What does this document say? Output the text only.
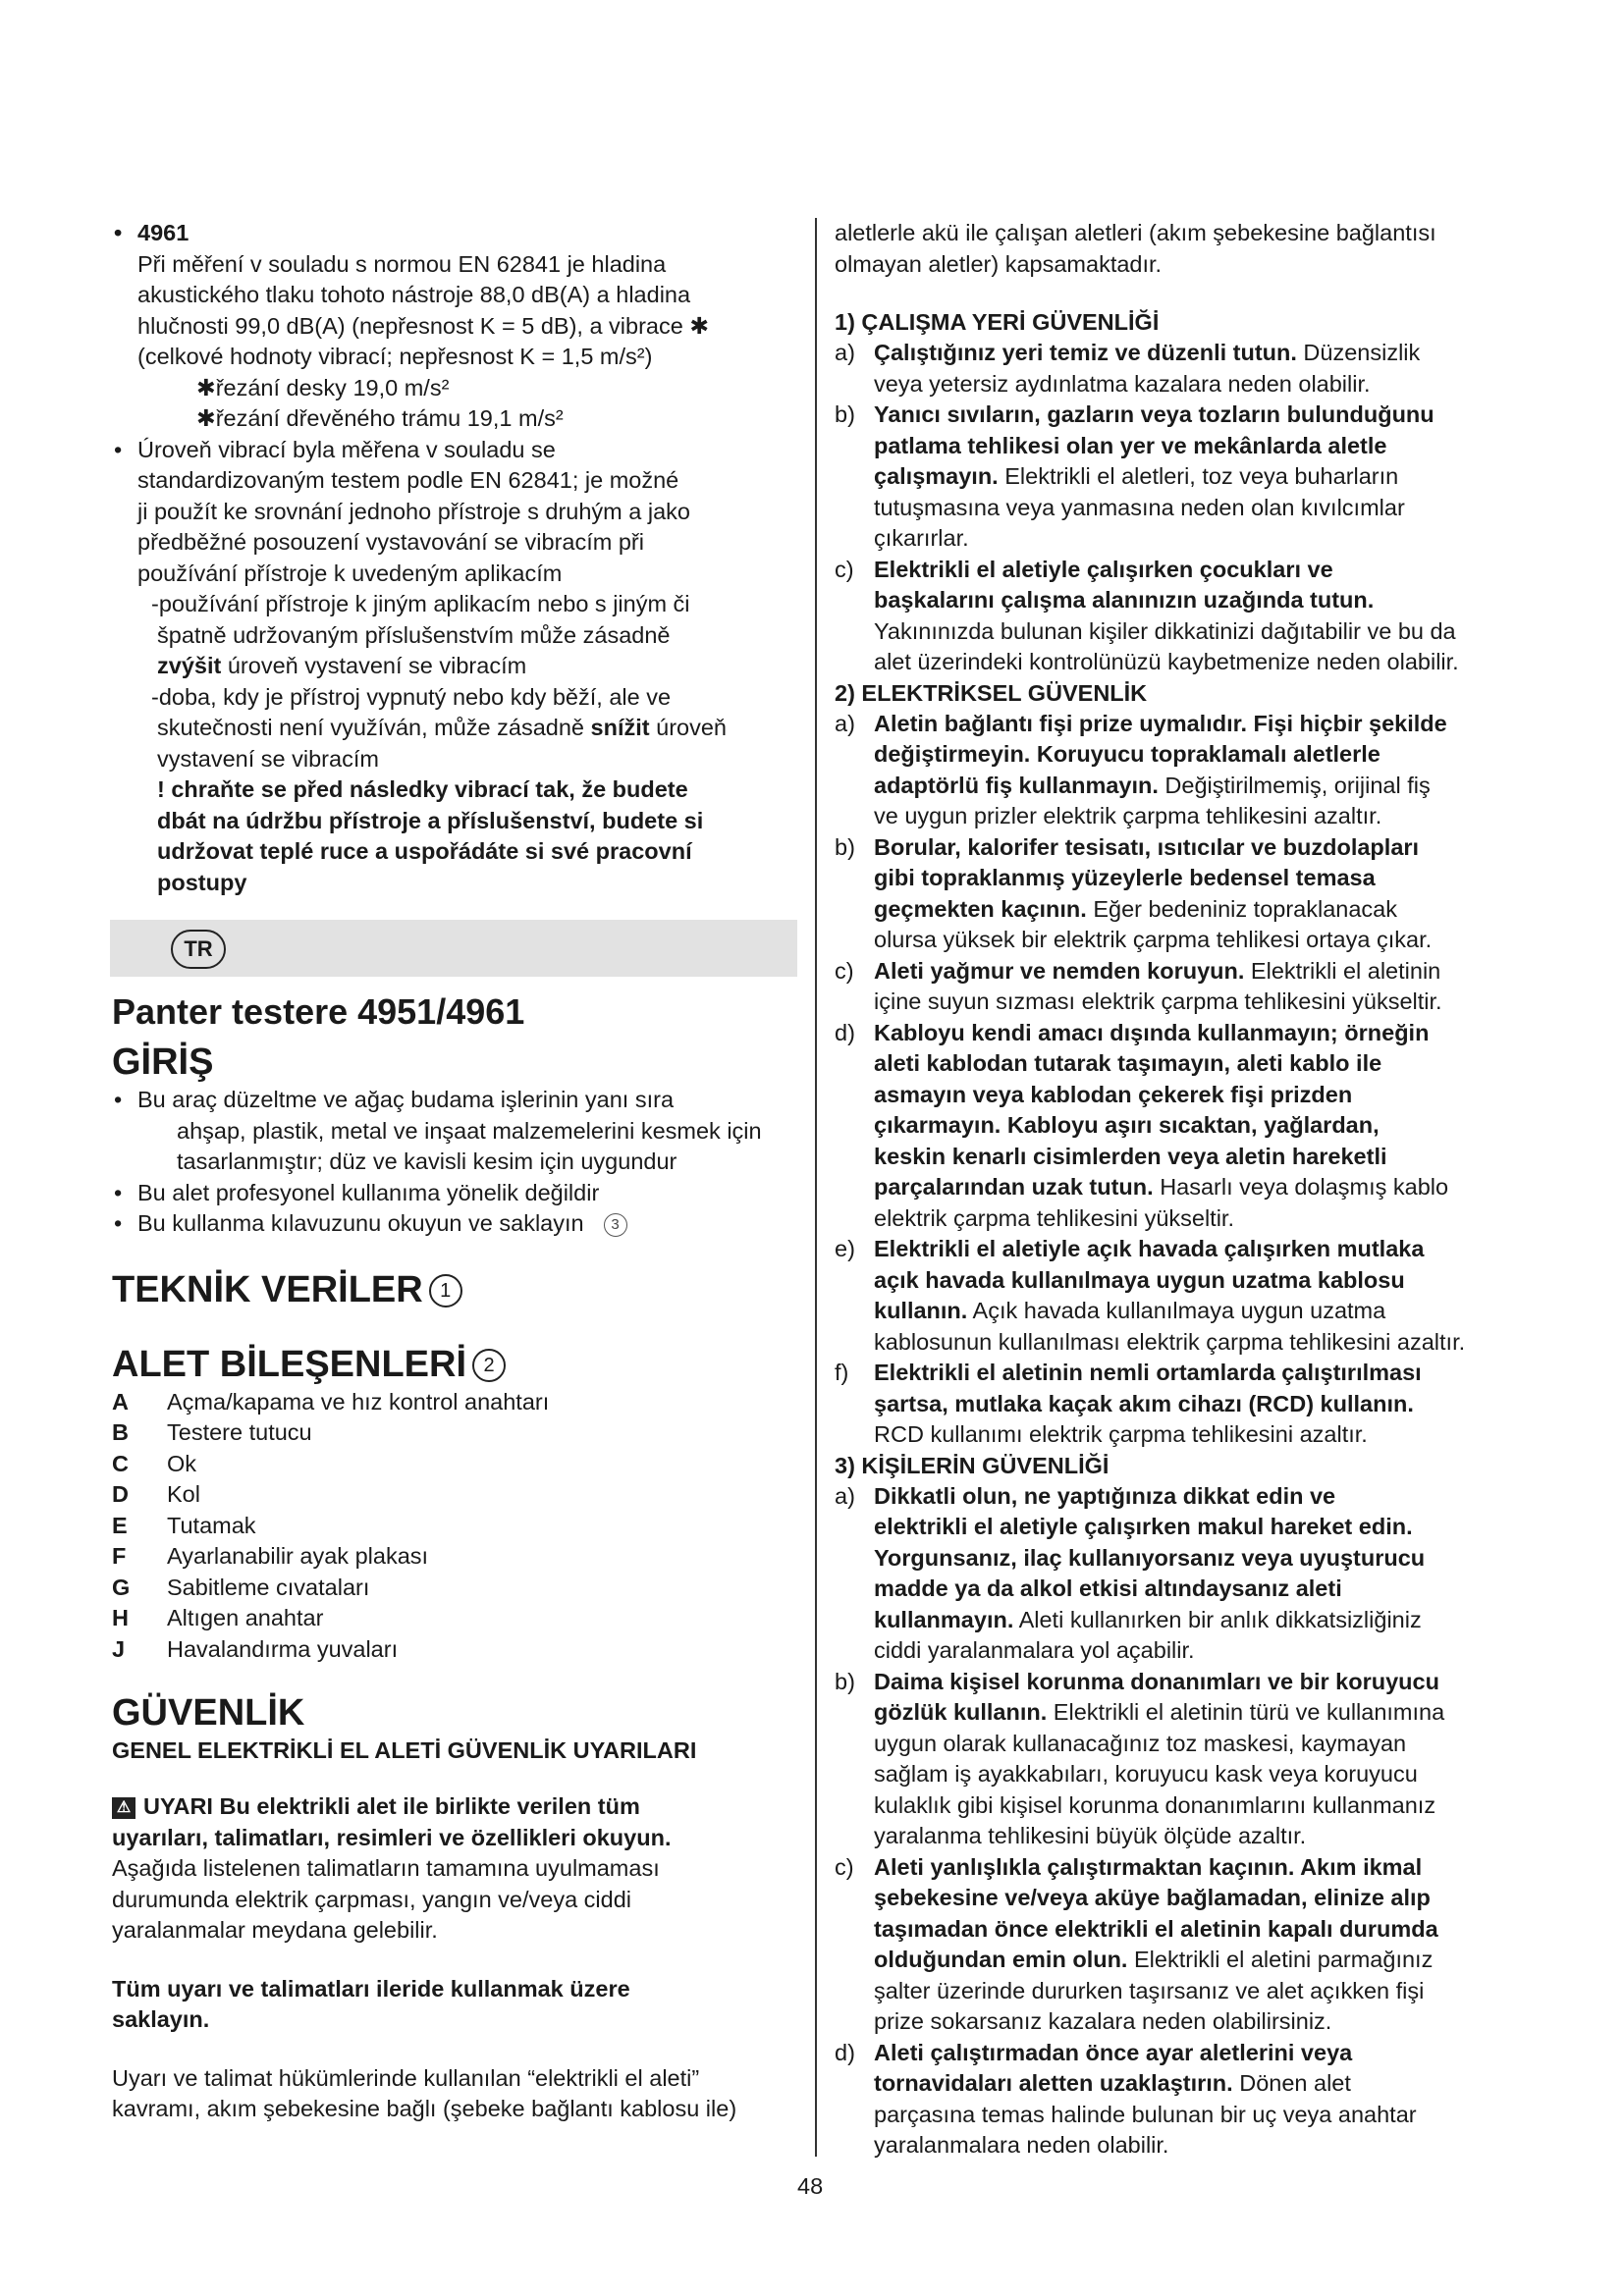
• 4961
Při měření v souladu s normou EN 62841 je hladina
akustického tlaku tohoto nástroje 88,0 dB(A) a hladina
hlučnosti 99,0 dB(A) (nepřesnost K = 5 dB), a vibrace ✱
(celkové hodnoty vibrací; nepřesnost K = 1,5 m/s²)
✱řezání desky 19,0 m/s²
✱řezání dřevěného trámu 19,1 m/s²
• Úroveň vibrací byla měřena v souladu se
standardizovaným testem podle EN 62841; je možné
ji použít ke srovnání jednoho přístroje s druhým a jako
předběžné posouzení vystavování se vibracím při
používání přístroje k uvedeným aplikacím
-používání přístroje k jiným aplikacím nebo s jiným či
špatně udržovaným příslušenstvím může zásadně
zvýšit úroveň vystavení se vibracím
-doba, kdy je přístroj vypnutý nebo kdy běží, ale ve
skutečnosti není využíván, může zásadně snížit úroveň
vystavení se vibracím
! chraňte se před následky vibrací tak, že budete
dbát na údržbu přístroje a příslušenství, budete si
udržovat teplé ruce a uspořádáte si své pracovní
postupy
TR
Panter testere 4951/4961
GİRİŞ
• Bu araç düzeltme ve ağaç budama işlerinin yanı sıra
ahşap, plastik, metal ve inşaat malzemelerini kesmek için
tasarlanmıştır; düz ve kavisli kesim için uygundur
• Bu alet profesyonel kullanıma yönelik değildir
• Bu kullanma kılavuzunu okuyun ve saklayın 3
TEKNİK VERİLER 1
ALET BİLEŞENLERİ 2
A	Açma/kapama ve hız kontrol anahtarı
B	Testere tutucu
C	Ok
D	Kol
E	Tutamak
F	Ayarlanabilir ayak plakası
G	Sabitleme cıvataları
H	Altıgen anahtar
J	Havalandırma yuvaları
GÜVENLİK
GENEL ELEKTRİKLİ EL ALETİ GÜVENLİK UYARILARI
⚠ UYARI Bu elektrikli alet ile birlikte verilen tüm
uyarıları, talimatları, resimleri ve özellikleri okuyun.
Aşağıda listelenen talimatların tamamına uyulmaması
durumunda elektrik çarpması, yangın ve/veya ciddi
yaralanmalar meydana gelebilir.
Tüm uyarı ve talimatları ileride kullanmak üzere
saklayın.
Uyarı ve talimat hükümlerinde kullanılan “elektrikli el aleti”
kavramı, akım şebekesine bağlı (şebeke bağlantı kablosu ile)
aletlerle akü ile çalışan aletleri (akım şebekesine bağlantısı
olmayan aletler) kapsamaktadır.
1) ÇALIŞMA YERİ GÜVENLİĞİ
a) Çalıştığınız yeri temiz ve düzenli tutun. Düzensizlik
veya yetersiz aydınlatma kazalara neden olabilir.
b) Yanıcı sıvıların, gazların veya tozların bulunduğunu
patlama tehlikesi olan yer ve mekânlarda aletle
çalışmayın. Elektrikli el aletleri, toz veya buharların
tutuşmasına veya yanmasına neden olan kıvılcımlar
çıkarırlar.
c) Elektrikli el aletiyle çalışırken çocukları ve
başkalarını çalışma alanınızın uzağında tutun.
Yakınınızda bulunan kişiler dikkatinizi dağıtabilir ve bu da
alet üzerindeki kontrolünüzü kaybetmenize neden olabilir.
2) ELEKTRİKSEL GÜVENLİK
a) Aletin bağlantı fişi prize uymalıdır. Fişi hiçbir şekilde
değiştirmeyin. Koruyucu topraklamalı aletlerle
adaptörlü fiş kullanmayın. Değiştirilmemiş, orijinal fiş
ve uygun prizler elektrik çarpma tehlikesini azaltır.
b) Borular, kalorifer tesisatı, ısıtıcılar ve buzdolapları
gibi topraklanmış yüzeylerle bedensel temasa
geçmekten kaçının. Eğer bedeniniz topraklanacak
olursa yüksek bir elektrik çarpma tehlikesi ortaya çıkar.
c) Aleti yağmur ve nemden koruyun. Elektrikli el aletinin
içine suyun sızması elektrik çarpma tehlikesini yükseltir.
d) Kabloyu kendi amacı dışında kullanmayın; örneğin
aleti kablodan tutarak taşımayın, aleti kablo ile
asmayın veya kablodan çekerek fişi prizden
çıkarmayın. Kabloyu aşırı sıcaktan, yağlardan,
keskin kenarlı cisimlerden veya aletin hareketli
parçalarından uzak tutun. Hasarlı veya dolaşmış kablo
elektrik çarpma tehlikesini yükseltir.
e) Elektrikli el aletiyle açık havada çalışırken mutlaka
açık havada kullanılmaya uygun uzatma kablosu
kullanın. Açık havada kullanılmaya uygun uzatma
kablosunun kullanılması elektrik çarpma tehlikesini azaltır.
f) Elektrikli el aletinin nemli ortamlarda çalıştırılması
şartsa, mutlaka kaçak akım cihazı (RCD) kullanın.
RCD kullanımı elektrik çarpma tehlikesini azaltır.
3) KİŞİLERİN GÜVENLİĞİ
a) Dikkatli olun, ne yaptığınıza dikkat edin ve
elektrikli el aletiyle çalışırken makul hareket edin.
Yorgunsanız, ilaç kullanıyorsanız veya uyuşturucu
madde ya da alkol etkisi altındaysanız aleti
kullanmayın. Aleti kullanırken bir anlık dikkatsizliğiniz
ciddi yaralanmalara yol açabilir.
b) Daima kişisel korunma donanımları ve bir koruyucu
gözlük kullanın. Elektrikli el aletinin türü ve kullanımına
uygun olarak kullanacağınız toz maskesi, kaymayan
sağlam iş ayakkabıları, koruyucu kask veya koruyucu
kulaklık gibi kişisel korunma donanımlarını kullanmanız
yaralanma tehlikesini büyük ölçüde azaltır.
c) Aleti yanlışlıkla çalıştırmaktan kaçının. Akım ikmal
şebekesine ve/veya aküye bağlamadan, elinize alıp
taşımadan önce elektrikli el aletinin kapalı durumda
olduğundan emin olun. Elektrikli el aletini parmağınız
şalter üzerinde dururken taşırsanız ve alet açıkken fişi
prize sokarsanız kazalara neden olabilirsiniz.
d) Aleti çalıştırmadan önce ayar aletlerini veya
tornavidaları aletten uzaklaştırın. Dönen alet
parçasına temas halinde bulunan bir uç veya anahtar
yaralanmalara neden olabilir.
48
